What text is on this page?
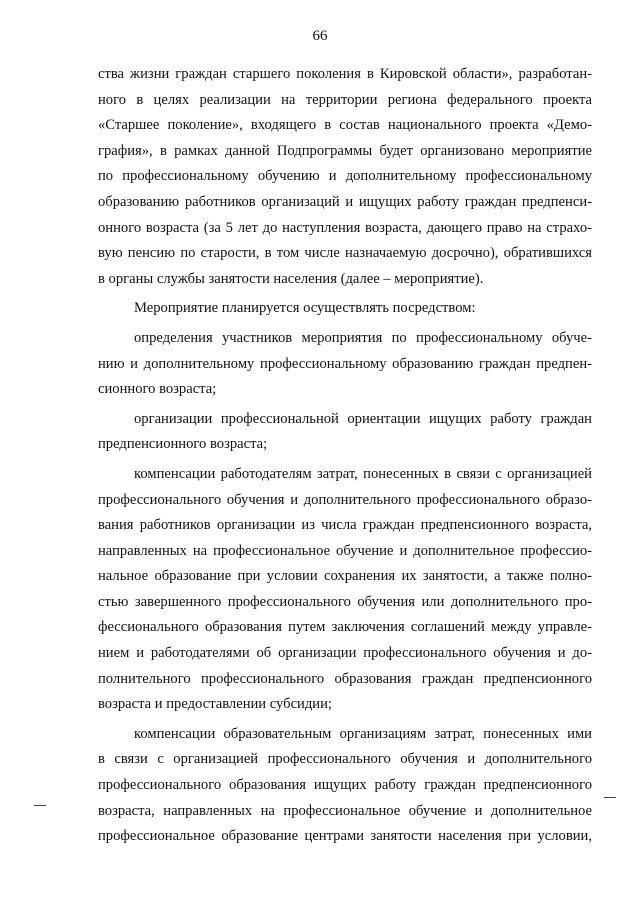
66
ства жизни граждан старшего поколения в Кировской области», разработан-
ного в целях реализации на территории региона федерального проекта
«Старшее поколение», входящего в состав национального проекта «Демо-
графия», в рамках данной Подпрограммы будет организовано мероприятие
по профессиональному обучению и дополнительному профессиональному
образованию работников организаций и ищущих работу граждан предпенси-
онного возраста (за 5 лет до наступления возраста, дающего право на страхо-
вую пенсию по старости, в том числе назначаемую досрочно), обратившихся
в органы службы занятости населения (далее – мероприятие).
Мероприятие планируется осуществлять посредством:
определения участников мероприятия по профессиональному обуче-
нию и дополнительному профессиональному образованию граждан предпен-
сионного возраста;
организации профессиональной ориентации ищущих работу граждан
предпенсионного возраста;
компенсации работодателям затрат, понесенных в связи с организацией
профессионального обучения и дополнительного профессионального образо-
вания работников организации из числа граждан предпенсионного возраста,
направленных на профессиональное обучение и дополнительное профессио-
нальное образование при условии сохранения их занятости, а также полно-
стью завершенного профессионального обучения или дополнительного про-
фессионального образования путем заключения соглашений между управле-
нием и работодателями об организации профессионального обучения и до-
полнительного профессионального образования граждан предпенсионного
возраста и предоставлении субсидии;
компенсации образовательным организациям затрат, понесенных ими
в связи с организацией профессионального обучения и дополнительного
профессионального образования ищущих работу граждан предпенсионного
возраста, направленных на профессиональное обучение и дополнительное
профессиональное образование центрами занятости населения при условии,
